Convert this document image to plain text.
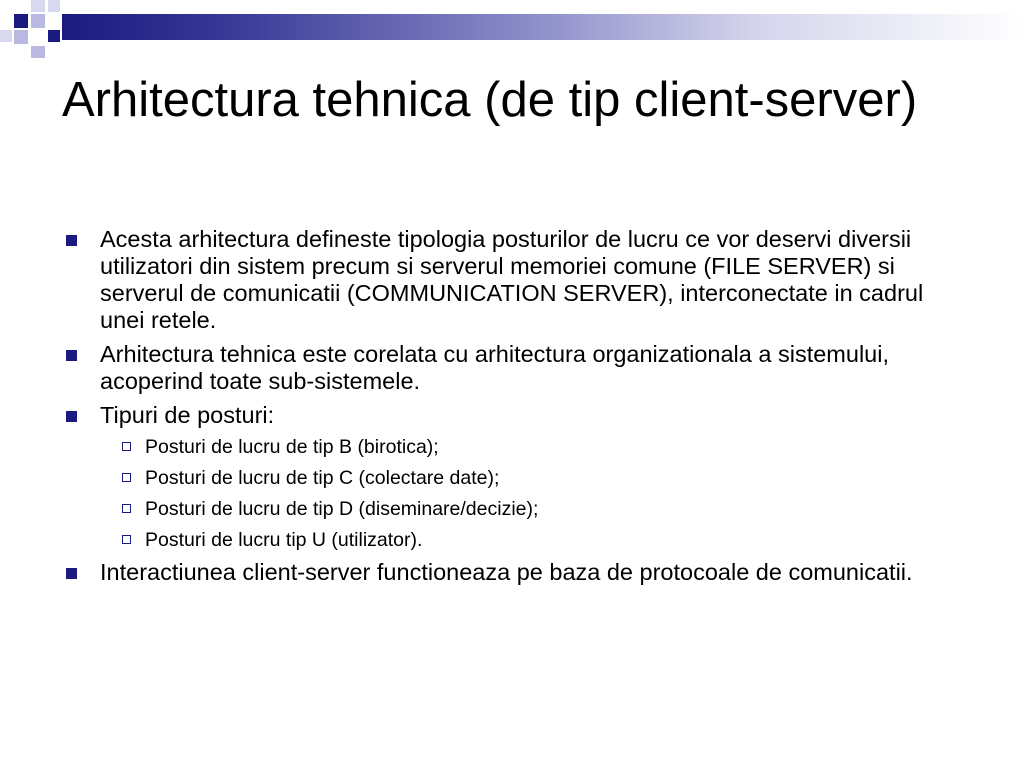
Arhitectura tehnica (de tip client-server)
Acesta arhitectura defineste tipologia posturilor de lucru ce vor deservi diversii utilizatori din sistem precum si serverul memoriei comune (FILE SERVER) si serverul de comunicatii (COMMUNICATION SERVER), interconectate in cadrul unei retele.
Arhitectura tehnica este corelata cu arhitectura organizationala a sistemului, acoperind toate sub-sistemele.
Tipuri de posturi:
Posturi de lucru de tip B (birotica);
Posturi de lucru de tip C (colectare date);
Posturi de lucru de tip D (diseminare/decizie);
Posturi de lucru tip U (utilizator).
Interactiunea client-server functioneaza pe baza de protocoale de comunicatii.
